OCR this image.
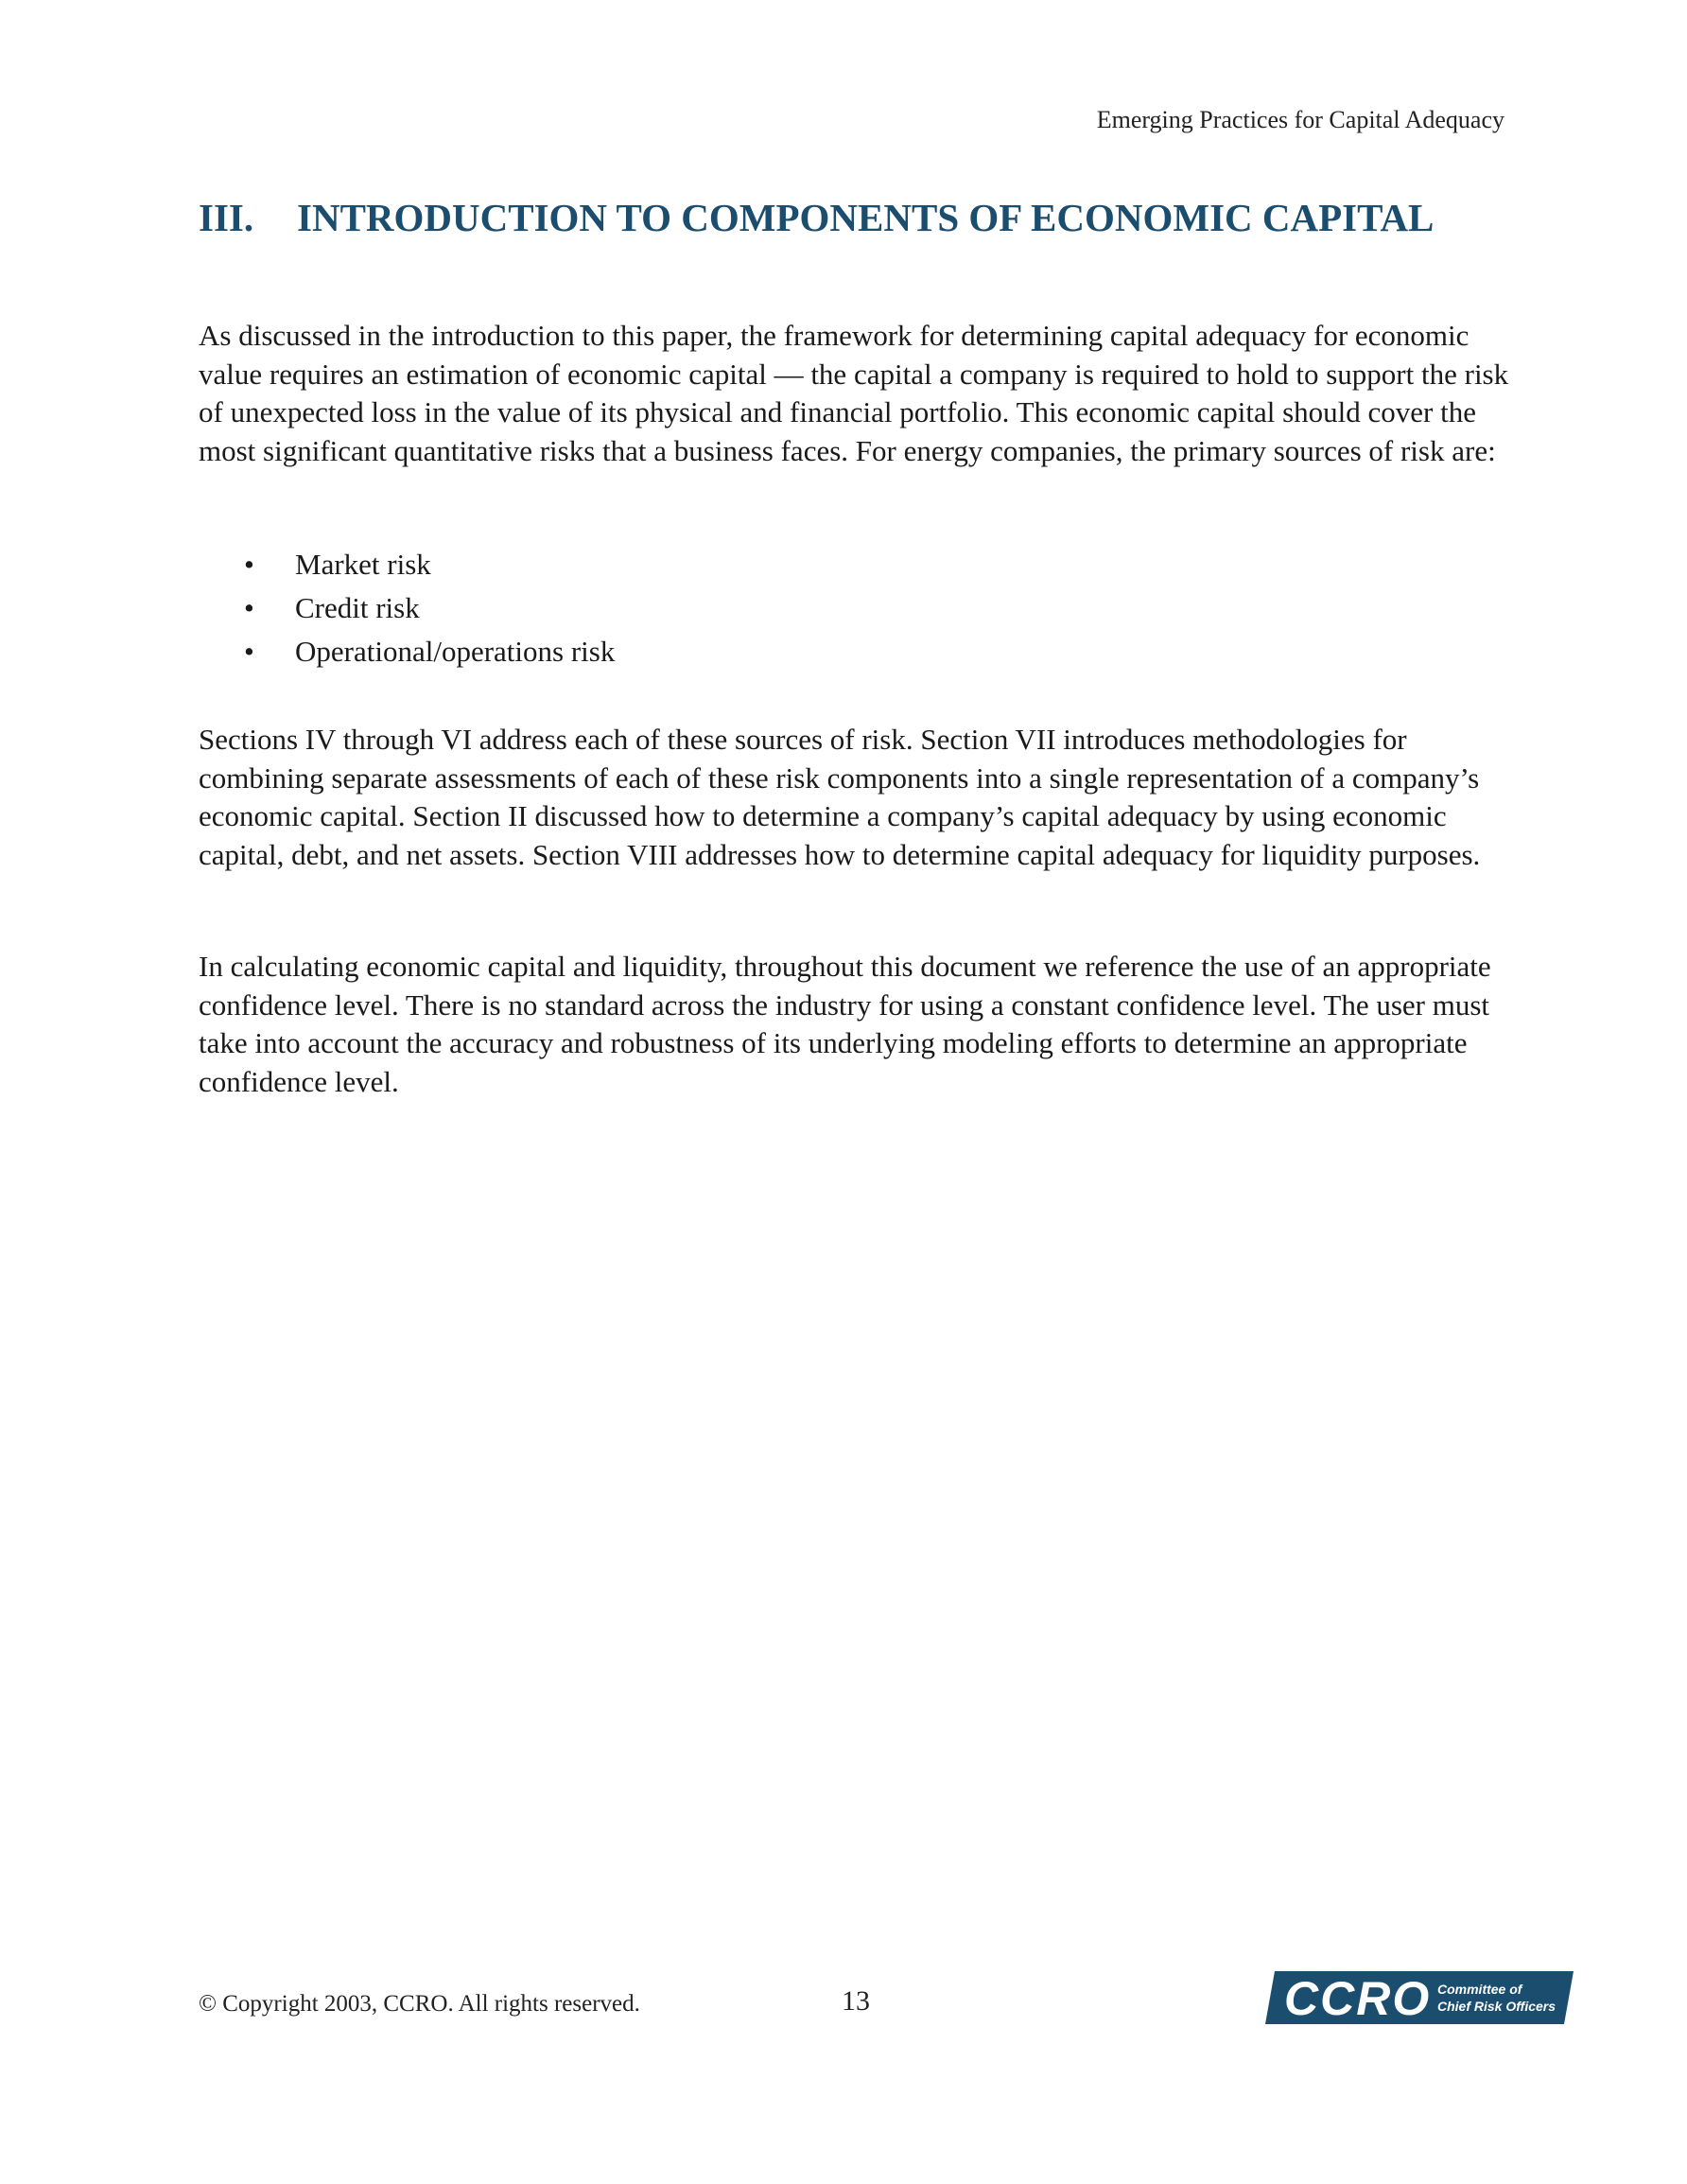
Emerging Practices for Capital Adequacy
III. INTRODUCTION TO COMPONENTS OF ECONOMIC CAPITAL

As discussed in the introduction to this paper, the framework for determining capital adequacy for economic value requires an estimation of economic capital — the capital a company is required to hold to support the risk of unexpected loss in the value of its physical and financial portfolio. This economic capital should cover the most significant quantitative risks that a business faces. For energy companies, the primary sources of risk are:

• Market risk
• Credit risk
• Operational/operations risk

Sections IV through VI address each of these sources of risk. Section VII introduces methodologies for combining separate assessments of each of these risk components into a single representation of a company’s economic capital. Section II discussed how to determine a company’s capital adequacy by using economic capital, debt, and net assets. Section VIII addresses how to determine capital adequacy for liquidity purposes.

In calculating economic capital and liquidity, throughout this document we reference the use of an appropriate confidence level. There is no standard across the industry for using a constant confidence level. The user must take into account the accuracy and robustness of its underlying modeling efforts to determine an appropriate confidence level.

© Copyright 2003, CCRO. All rights reserved.	13	CCRO Committee of
Chief Risk Officers
